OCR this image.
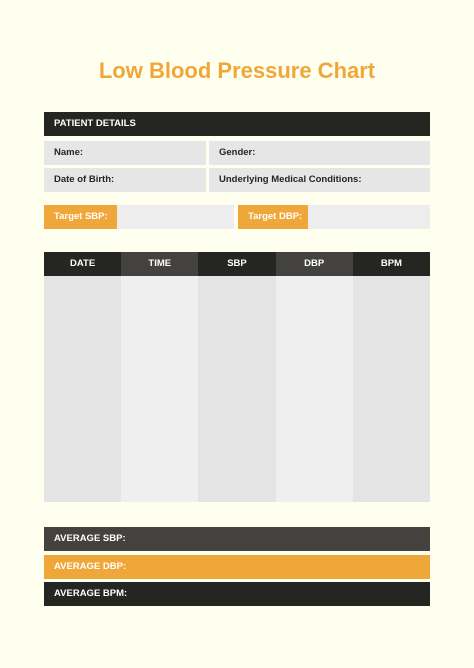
Low Blood Pressure Chart
PATIENT DETAILS
Name:	Gender:
Date of Birth:	Underlying Medical Conditions:
Target SBP:	Target DBP:
DATE	TIME	SBP	DBP	BPM
AVERAGE SBP:
AVERAGE DBP:
AVERAGE BPM:
